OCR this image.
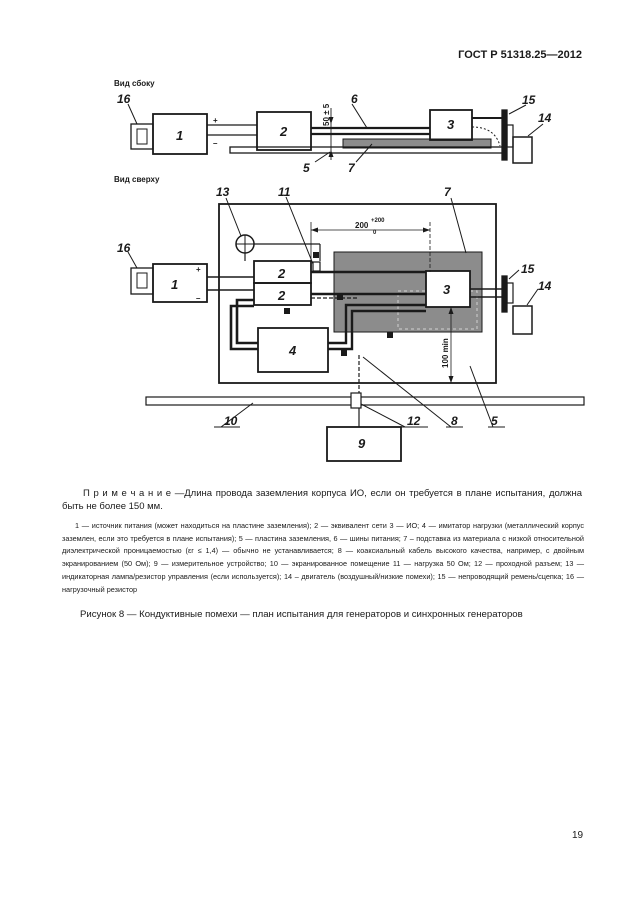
ГОСТ Р 51318.25—2012
Вид сбоку
Вид сверху
16
1	2	3
6	15
14
5	7
+
–
50 ± 5
13	11	7
16
1
2
2	3
15
14
4
10	12	8	5
9
+
–
200 +200
0
100 min
П р и м е ч а н и е —Длина провода заземления корпуса ИО, если он требуется в плане испытания, должна быть не более 150 мм.
1 — источник питания (может находиться на пластине заземления); 2 — эквивалент сети 3 — ИО; 4 — имитатор нагрузки (металлический корпус заземлен, если это требуется в плане испытания); 5 — пластина заземления, 6 — шины питания; 7 – подставка из материала с низкой относительной диэлектрической проницаемостью (εr ≤ 1,4) — обычно не устанавливается; 8 — коаксиальный кабель высокого качества, например, с двойным экранированием (50 Ом); 9 — измерительное устройство; 10 — экранированное помещение 11 — нагрузка 50 Ом; 12 — проходной разъем; 13 — индикаторная лампа/резистор управления (если используется); 14 – двигатель (воздушный/низкие помехи); 15 — непроводящий ремень/сцепка; 16 — нагрузочный резистор
Рисунок 8 — Кондуктивные помехи — план испытания для генераторов и синхронных генераторов
19
